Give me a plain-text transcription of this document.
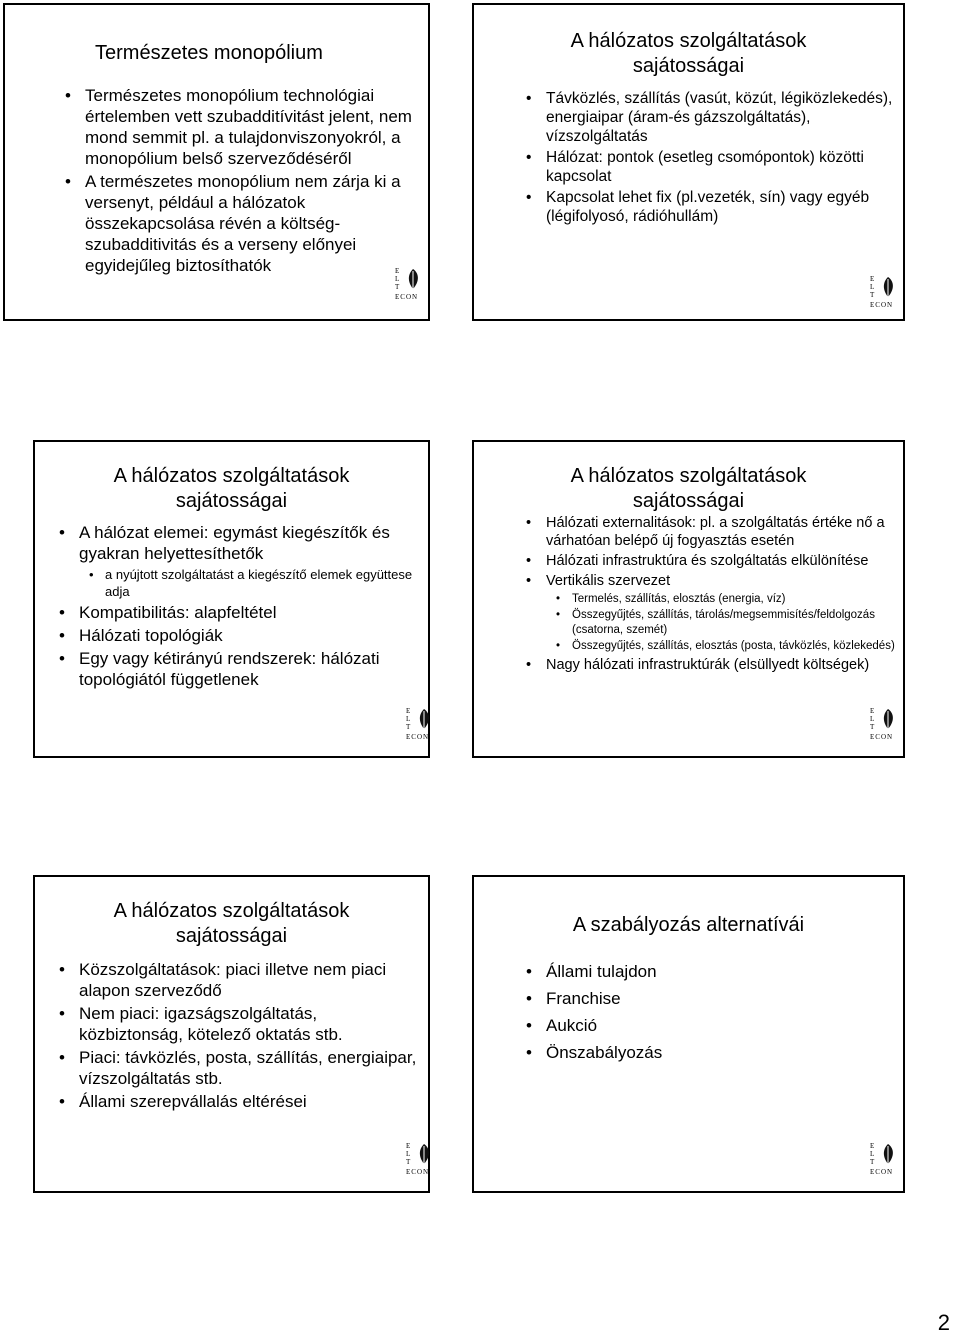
Természetes monopólium
• Természetes monopólium technológiai értelemben vett szubadditívitást jelent, nem mond semmit pl. a tulajdonviszonyokról, a monopólium belső szerveződéséről
• A természetes monopólium nem zárja ki a versenyt, például a hálózatok összekapcsolása révén a költség-szubadditivitás és a verseny előnyei egyidejűleg biztosíthatók	E
L
T
ECON
A hálózatos szolgáltatások sajátosságai
• Távközlés, szállítás (vasút, közút, légiközlekedés), energiaipar (áram-és gázszolgáltatás), vízszolgáltatás
• Hálózat: pontok (esetleg csomópontok) közötti kapcsolat
• Kapcsolat lehet fix (pl.vezeték, sín) vagy egyéb (légifolyosó, rádióhullám)
E
L
T
ECON
A hálózatos szolgáltatások sajátosságai
• A hálózat elemei: egymást kiegészítők és gyakran helyettesíthetők
• a nyújtott szolgáltatást a kiegészítő elemek együttese adja
• Kompatibilitás: alapfeltétel
• Hálózati topológiák
• Egy vagy kétirányú rendszerek: hálózati topológiától függetlenek
E
L
T
ECON
A hálózatos szolgáltatások sajátosságai
• Hálózati externalitások: pl. a szolgáltatás értéke nő a várhatóan belépő új fogyasztás esetén
• Hálózati infrastruktúra és szolgáltatás elkülönítése
• Vertikális szervezet
• Termelés, szállítás, elosztás (energia, víz)
• Összegyűjtés, szállítás, tárolás/megsemmisítés/feldolgozás (csatorna, szemét)
• Összegyűjtés, szállítás, elosztás (posta, távközlés, közlekedés)
• Nagy hálózati infrastruktúrák (elsüllyedt költségek)
E
L
T
ECON
A hálózatos szolgáltatások sajátosságai
• Közszolgáltatások: piaci illetve nem piaci alapon szerveződő
• Nem piaci: igazságszolgáltatás, közbiztonság, kötelező oktatás stb.
• Piaci: távközlés, posta, szállítás, energiaipar, vízszolgáltatás stb.
• Állami szerepvállalás eltérései
E
L
T
ECON
A szabályozás alternatívái
• Állami tulajdon
• Franchise
• Aukció
• Önszabályozás
E
L
T
ECON
2
